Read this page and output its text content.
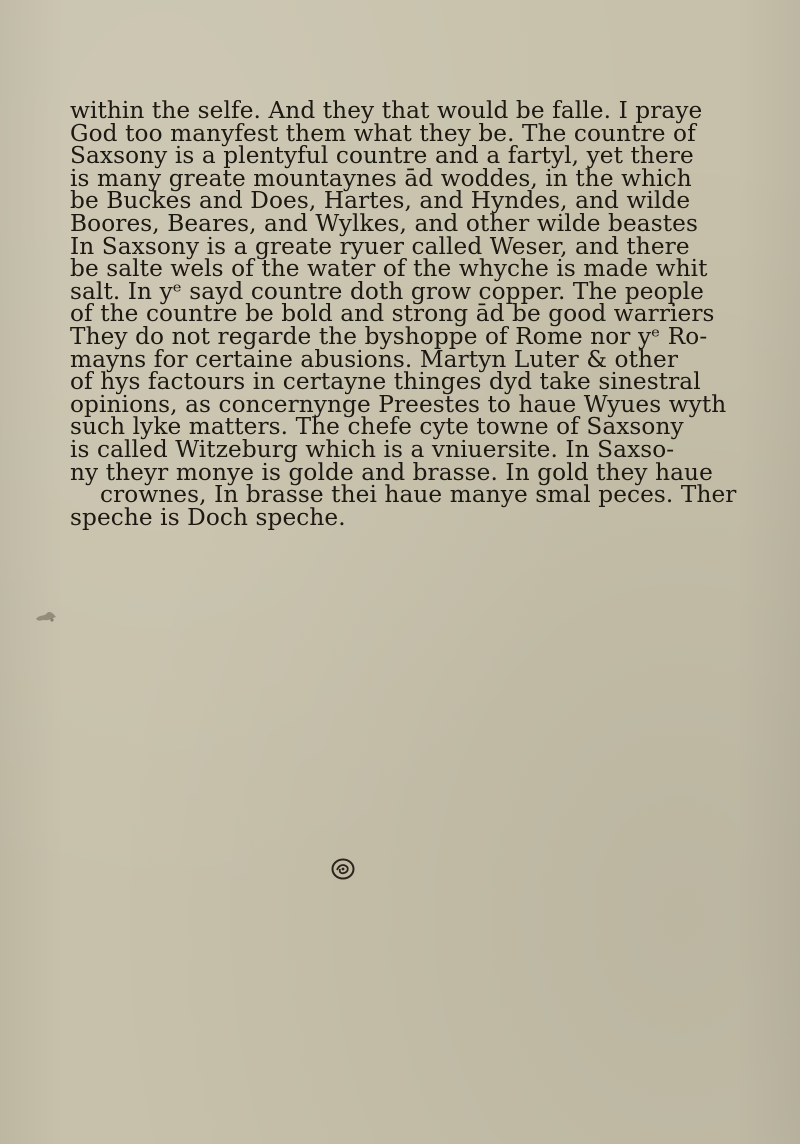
within the selfe. And they that would be falle. I praye
God too manyfest them what they be. The countre of
Saxsony is a plentyful countre and a fartyl, yet there
is many greate mountaynes ād woddes, in the which
be Buckes and Does, Hartes, and Hyndes, and wilde
Boores, Beares, and Wylkes, and other wilde beastes
In Saxsony is a greate ryuer called Weser, and there
be salte wels of the water of the whyche is made whit
salt. In yᵉ sayd countre doth grow copper. The people
of the countre be bold and strong ād be good warriers
They do not regarde the byshoppe of Rome nor yᵉ Ro-
mayns for certaine abusions. Martyn Luter & other
of hys factours in certayne thinges dyd take sinestral
opinions, as concernynge Preestes to haue Wyues wyth
such lyke matters. The chefe cyte towne of Saxsony
is called Witzeburg which is a vniuersite. In Saxso-
ny theyr monye is golde and brasse. In gold they haue
crownes, In brasse thei haue manye smal peces. Ther
speche is Doch speche.
